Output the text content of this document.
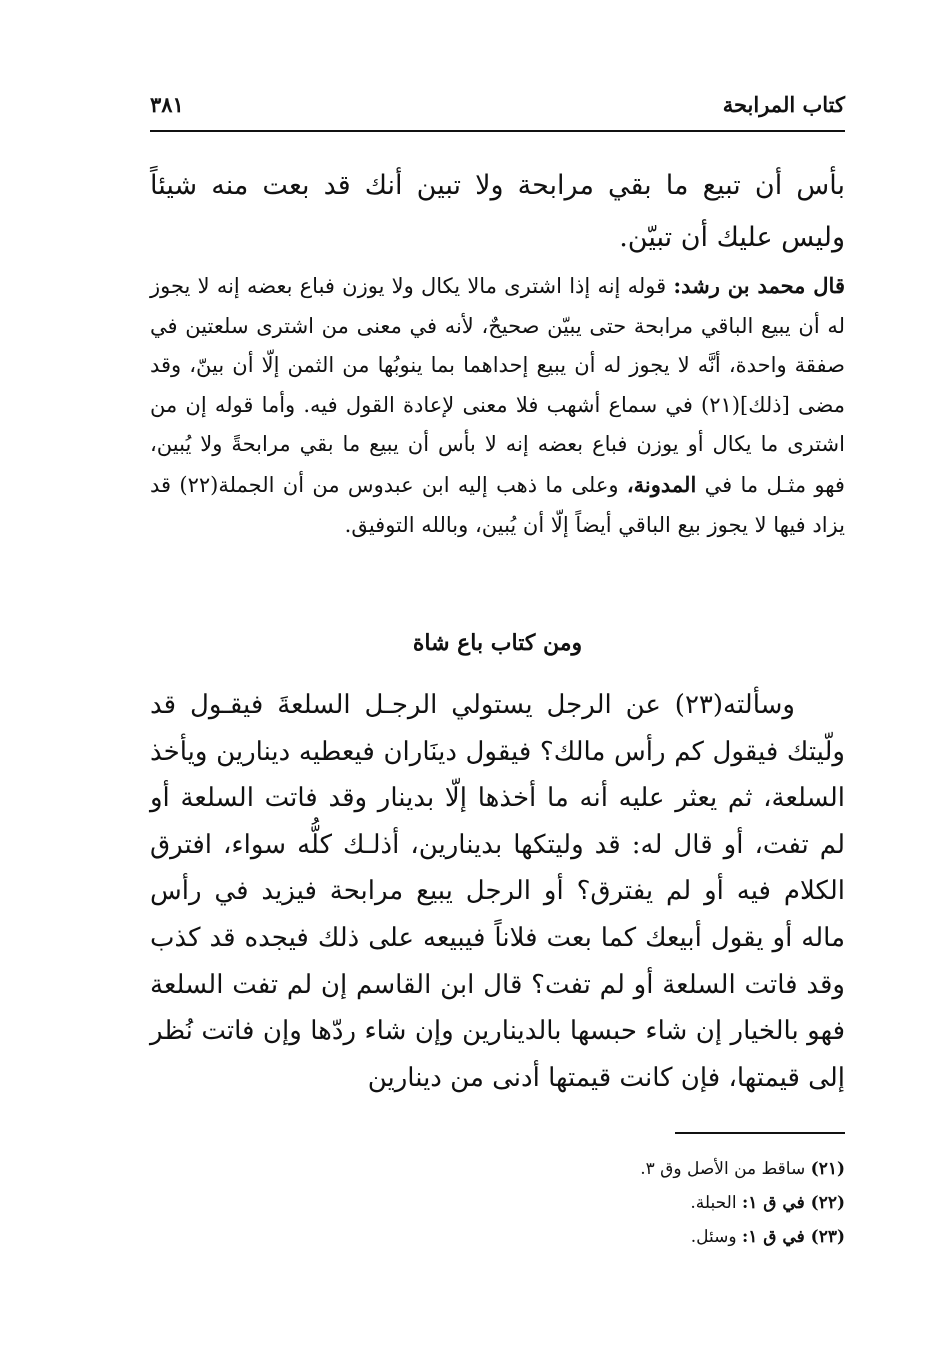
كتاب المرابحة
٣٨١

بأس أن تبيع ما بقي مرابحة ولا تبين أنك قد بعت منه شيئاً وليس عليك أن تبيّن.

قال محمد بن رشد: قوله إنه إذا اشترى مالا يكال ولا يوزن فباع بعضه إنه لا يجوز له أن يبيع الباقي مرابحة حتى يبيّن صحيحٌ، لأنه في معنى من اشترى سلعتين في صفقة واحدة، أنَّه لا يجوز له أن يبيع إحداهما بما ينوبُها من الثمن إلّا أن بينّ، وقد مضى [ذلك](٢١) في سماع أشهب فلا معنى لإعادة القول فيه. وأما قوله إن من اشترى ما يكال أو يوزن فباع بعضه إنه لا بأس أن يبيع ما بقي مرابحةً ولا يُبين، فهو مثـل ما في المدونة، وعلى ما ذهب إليه ابن عبدوس من أن الجملة(٢٢) قد يزاد فيها لا يجوز بيع الباقي أيضاً إلّا أن يُبين، وبالله التوفيق.

ومن كتاب باع شاة

وسألته(٢٣) عن الرجل يستولي الرجـل السلعةَ فيقـول قد ولّيتك فيقول كم رأس مالك؟ فيقول دينَاران فيعطيه دينارين ويأخذ السلعة، ثم يعثر عليه أنه ما أخذها إلّا بدينار وقد فاتت السلعة أو لم تفت، أو قال له: قد وليتكها بدينارين، أذلـك كلُّه سواء، افترق الكلام فيه أو لم يفترق؟ أو الرجل يبيع مرابحة فيزيد في رأس ماله أو يقول أبيعك كما بعت فلاناً فيبيعه على ذلك فيجده قد كذب وقد فاتت السلعة أو لم تفت؟ قال ابن القاسم إن لم تفت السلعة فهو بالخيار إن شاء حبسها بالدينارين وإن شاء ردّها وإن فاتت نُظر إلى قيمتها، فإن كانت قيمتها أدنى من دينارين

(٢١) ساقط من الأصل وق ٣.
(٢٢) في ق ١: الحبلة.
(٢٣) في ق ١: وسئل.
